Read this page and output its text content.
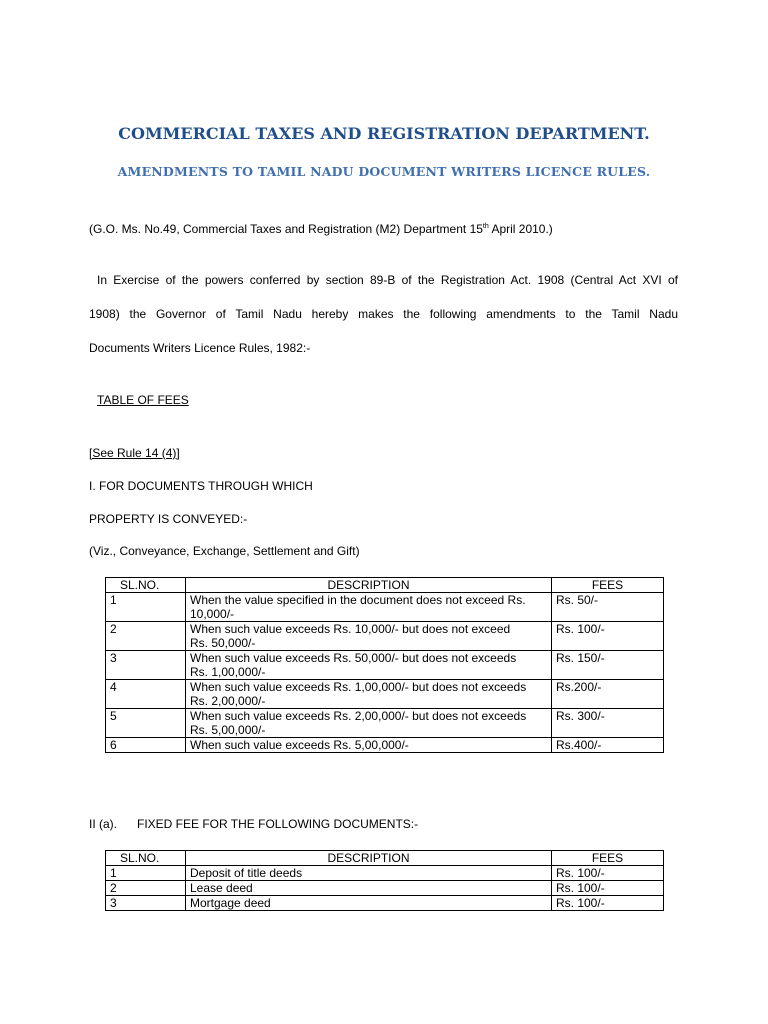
COMMERCIAL TAXES AND REGISTRATION DEPARTMENT.
AMENDMENTS TO TAMIL NADU DOCUMENT WRITERS LICENCE RULES.

(G.O. Ms. No.49, Commercial Taxes and Registration (M2) Department 15th April 2010.)

In Exercise of the powers conferred by section 89-B of the Registration Act. 1908 (Central Act XVI of

1908) the Governor of Tamil Nadu hereby makes the following amendments to the Tamil Nadu

Documents Writers Licence Rules, 1982:-

TABLE OF FEES

[See Rule 14 (4)]

I. FOR DOCUMENTS THROUGH WHICH

PROPERTY IS CONVEYED:-

(Viz., Conveyance, Exchange, Settlement and Gift)

SL.NO.	DESCRIPTION	FEES
1	When the value specified in the document does not exceed Rs.
10,000/-	Rs. 50/-
2	When such value exceeds Rs. 10,000/- but does not exceed
Rs. 50,000/-	Rs. 100/-
3	When such value exceeds Rs. 50,000/- but does not exceeds
Rs. 1,00,000/-	Rs. 150/-
4	When such value exceeds Rs. 1,00,000/- but does not exceeds
Rs. 2,00,000/-	Rs.200/-
5	When such value exceeds Rs. 2,00,000/- but does not exceeds
Rs. 5,00,000/-	Rs. 300/-
6	When such value exceeds Rs. 5,00,000/-	Rs.400/-
II (a). FIXED FEE FOR THE FOLLOWING DOCUMENTS:-
SL.NO.	DESCRIPTION	FEES
1	Deposit of title deeds	Rs. 100/-
2	Lease deed	Rs. 100/-
3	Mortgage deed	Rs. 100/-
